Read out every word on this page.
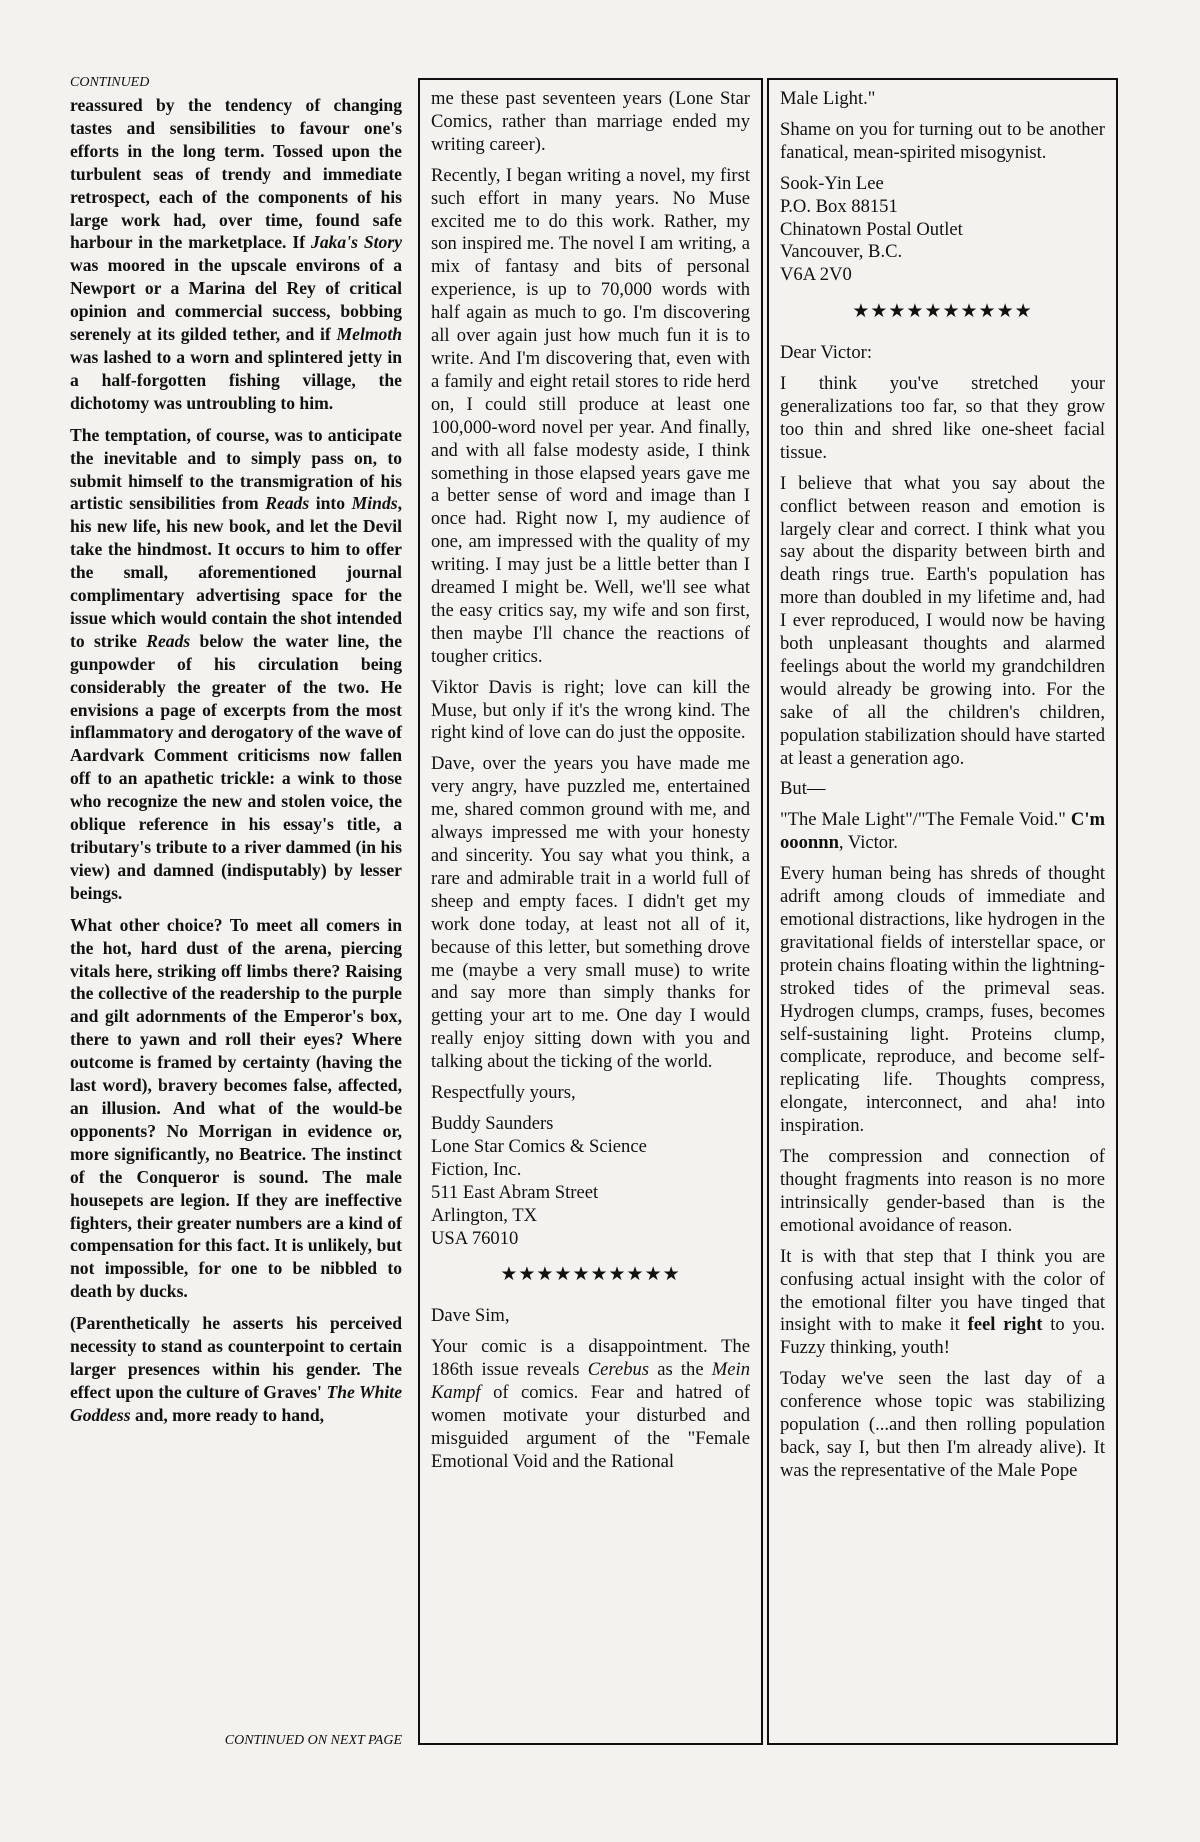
CONTINUED

reassured by the tendency of changing tastes and sensibilities to favour one's efforts in the long term. Tossed upon the turbulent seas of trendy and immediate retrospect, each of the components of his large work had, over time, found safe harbour in the marketplace. If Jaka's Story was moored in the upscale environs of a Newport or a Marina del Rey of critical opinion and commercial success, bobbing serenely at its gilded tether, and if Melmoth was lashed to a worn and splintered jetty in a half-forgotten fishing village, the dichotomy was untroubling to him.

The temptation, of course, was to anticipate the inevitable and to simply pass on, to submit himself to the transmigration of his artistic sensibilities from Reads into Minds, his new life, his new book, and let the Devil take the hindmost. It occurs to him to offer the small, aforementioned journal complimentary advertising space for the issue which would contain the shot intended to strike Reads below the water line, the gunpowder of his circulation being considerably the greater of the two. He envisions a page of excerpts from the most inflammatory and derogatory of the wave of Aardvark Comment criticisms now fallen off to an apathetic trickle: a wink to those who recognize the new and stolen voice, the oblique reference in his essay's title, a tributary's tribute to a river dammed (in his view) and damned (indisputably) by lesser beings.

What other choice? To meet all comers in the hot, hard dust of the arena, piercing vitals here, striking off limbs there? Raising the collective of the readership to the purple and gilt adornments of the Emperor's box, there to yawn and roll their eyes? Where outcome is framed by certainty (having the last word), bravery becomes false, affected, an illusion. And what of the would-be opponents? No Morrigan in evidence or, more significantly, no Beatrice. The instinct of the Conqueror is sound. The male housepets are legion. If they are ineffective fighters, their greater numbers are a kind of compensation for this fact. It is unlikely, but not impossible, for one to be nibbled to death by ducks.

(Parenthetically he asserts his perceived necessity to stand as counterpoint to certain larger presences within his gender. The effect upon the culture of Graves' The White Goddess and, more ready to hand,

CONTINUED ON NEXT PAGE

me these past seventeen years (Lone Star Comics, rather than marriage ended my writing career).

Recently, I began writing a novel, my first such effort in many years. No Muse excited me to do this work. Rather, my son inspired me. The novel I am writing, a mix of fantasy and bits of personal experience, is up to 70,000 words with half again as much to go. I'm discovering all over again just how much fun it is to write. And I'm discovering that, even with a family and eight retail stores to ride herd on, I could still produce at least one 100,000-word novel per year. And finally, and with all false modesty aside, I think something in those elapsed years gave me a better sense of word and image than I once had. Right now I, my audience of one, am impressed with the quality of my writing. I may just be a little better than I dreamed I might be. Well, we'll see what the easy critics say, my wife and son first, then maybe I'll chance the reactions of tougher critics.

Viktor Davis is right; love can kill the Muse, but only if it's the wrong kind. The right kind of love can do just the opposite.

Dave, over the years you have made me very angry, have puzzled me, entertained me, shared common ground with me, and always impressed me with your honesty and sincerity. You say what you think, a rare and admirable trait in a world full of sheep and empty faces. I didn't get my work done today, at least not all of it, because of this letter, but something drove me (maybe a very small muse) to write and say more than simply thanks for getting your art to me. One day I would really enjoy sitting down with you and talking about the ticking of the world.

Respectfully yours,

Buddy Saunders

Lone Star Comics & Science

Fiction, Inc.

511 East Abram Street

Arlington, TX

USA 76010

★★★★★★★★★★

Dave Sim,

Your comic is a disappointment. The 186th issue reveals Cerebus as the Mein Kampf of comics. Fear and hatred of women motivate your disturbed and misguided argument of the "Female Emotional Void and the Rational

Male Light."

Shame on you for turning out to be another fanatical, mean-spirited misogynist.

Sook-Yin Lee

P.O. Box 88151

Chinatown Postal Outlet

Vancouver, B.C.

V6A 2V0

★★★★★★★★★★

Dear Victor:

I think you've stretched your generalizations too far, so that they grow too thin and shred like one-sheet facial tissue.

I believe that what you say about the conflict between reason and emotion is largely clear and correct. I think what you say about the disparity between birth and death rings true. Earth's population has more than doubled in my lifetime and, had I ever reproduced, I would now be having both unpleasant thoughts and alarmed feelings about the world my grandchildren would already be growing into. For the sake of all the children's children, population stabilization should have started at least a generation ago.

But—

"The Male Light"/"The Female Void." C'm ooonnn, Victor.

Every human being has shreds of thought adrift among clouds of immediate and emotional distractions, like hydrogen in the gravitational fields of interstellar space, or protein chains floating within the lightning-stroked tides of the primeval seas. Hydrogen clumps, cramps, fuses, becomes self-sustaining light. Proteins clump, complicate, reproduce, and become self-replicating life. Thoughts compress, elongate, interconnect, and aha! into inspiration.

The compression and connection of thought fragments into reason is no more intrinsically gender-based than is the emotional avoidance of reason.

It is with that step that I think you are confusing actual insight with the color of the emotional filter you have tinged that insight with to make it feel right to you. Fuzzy thinking, youth!

Today we've seen the last day of a conference whose topic was stabilizing population (...and then rolling population back, say I, but then I'm already alive). It was the representative of the Male Pope
